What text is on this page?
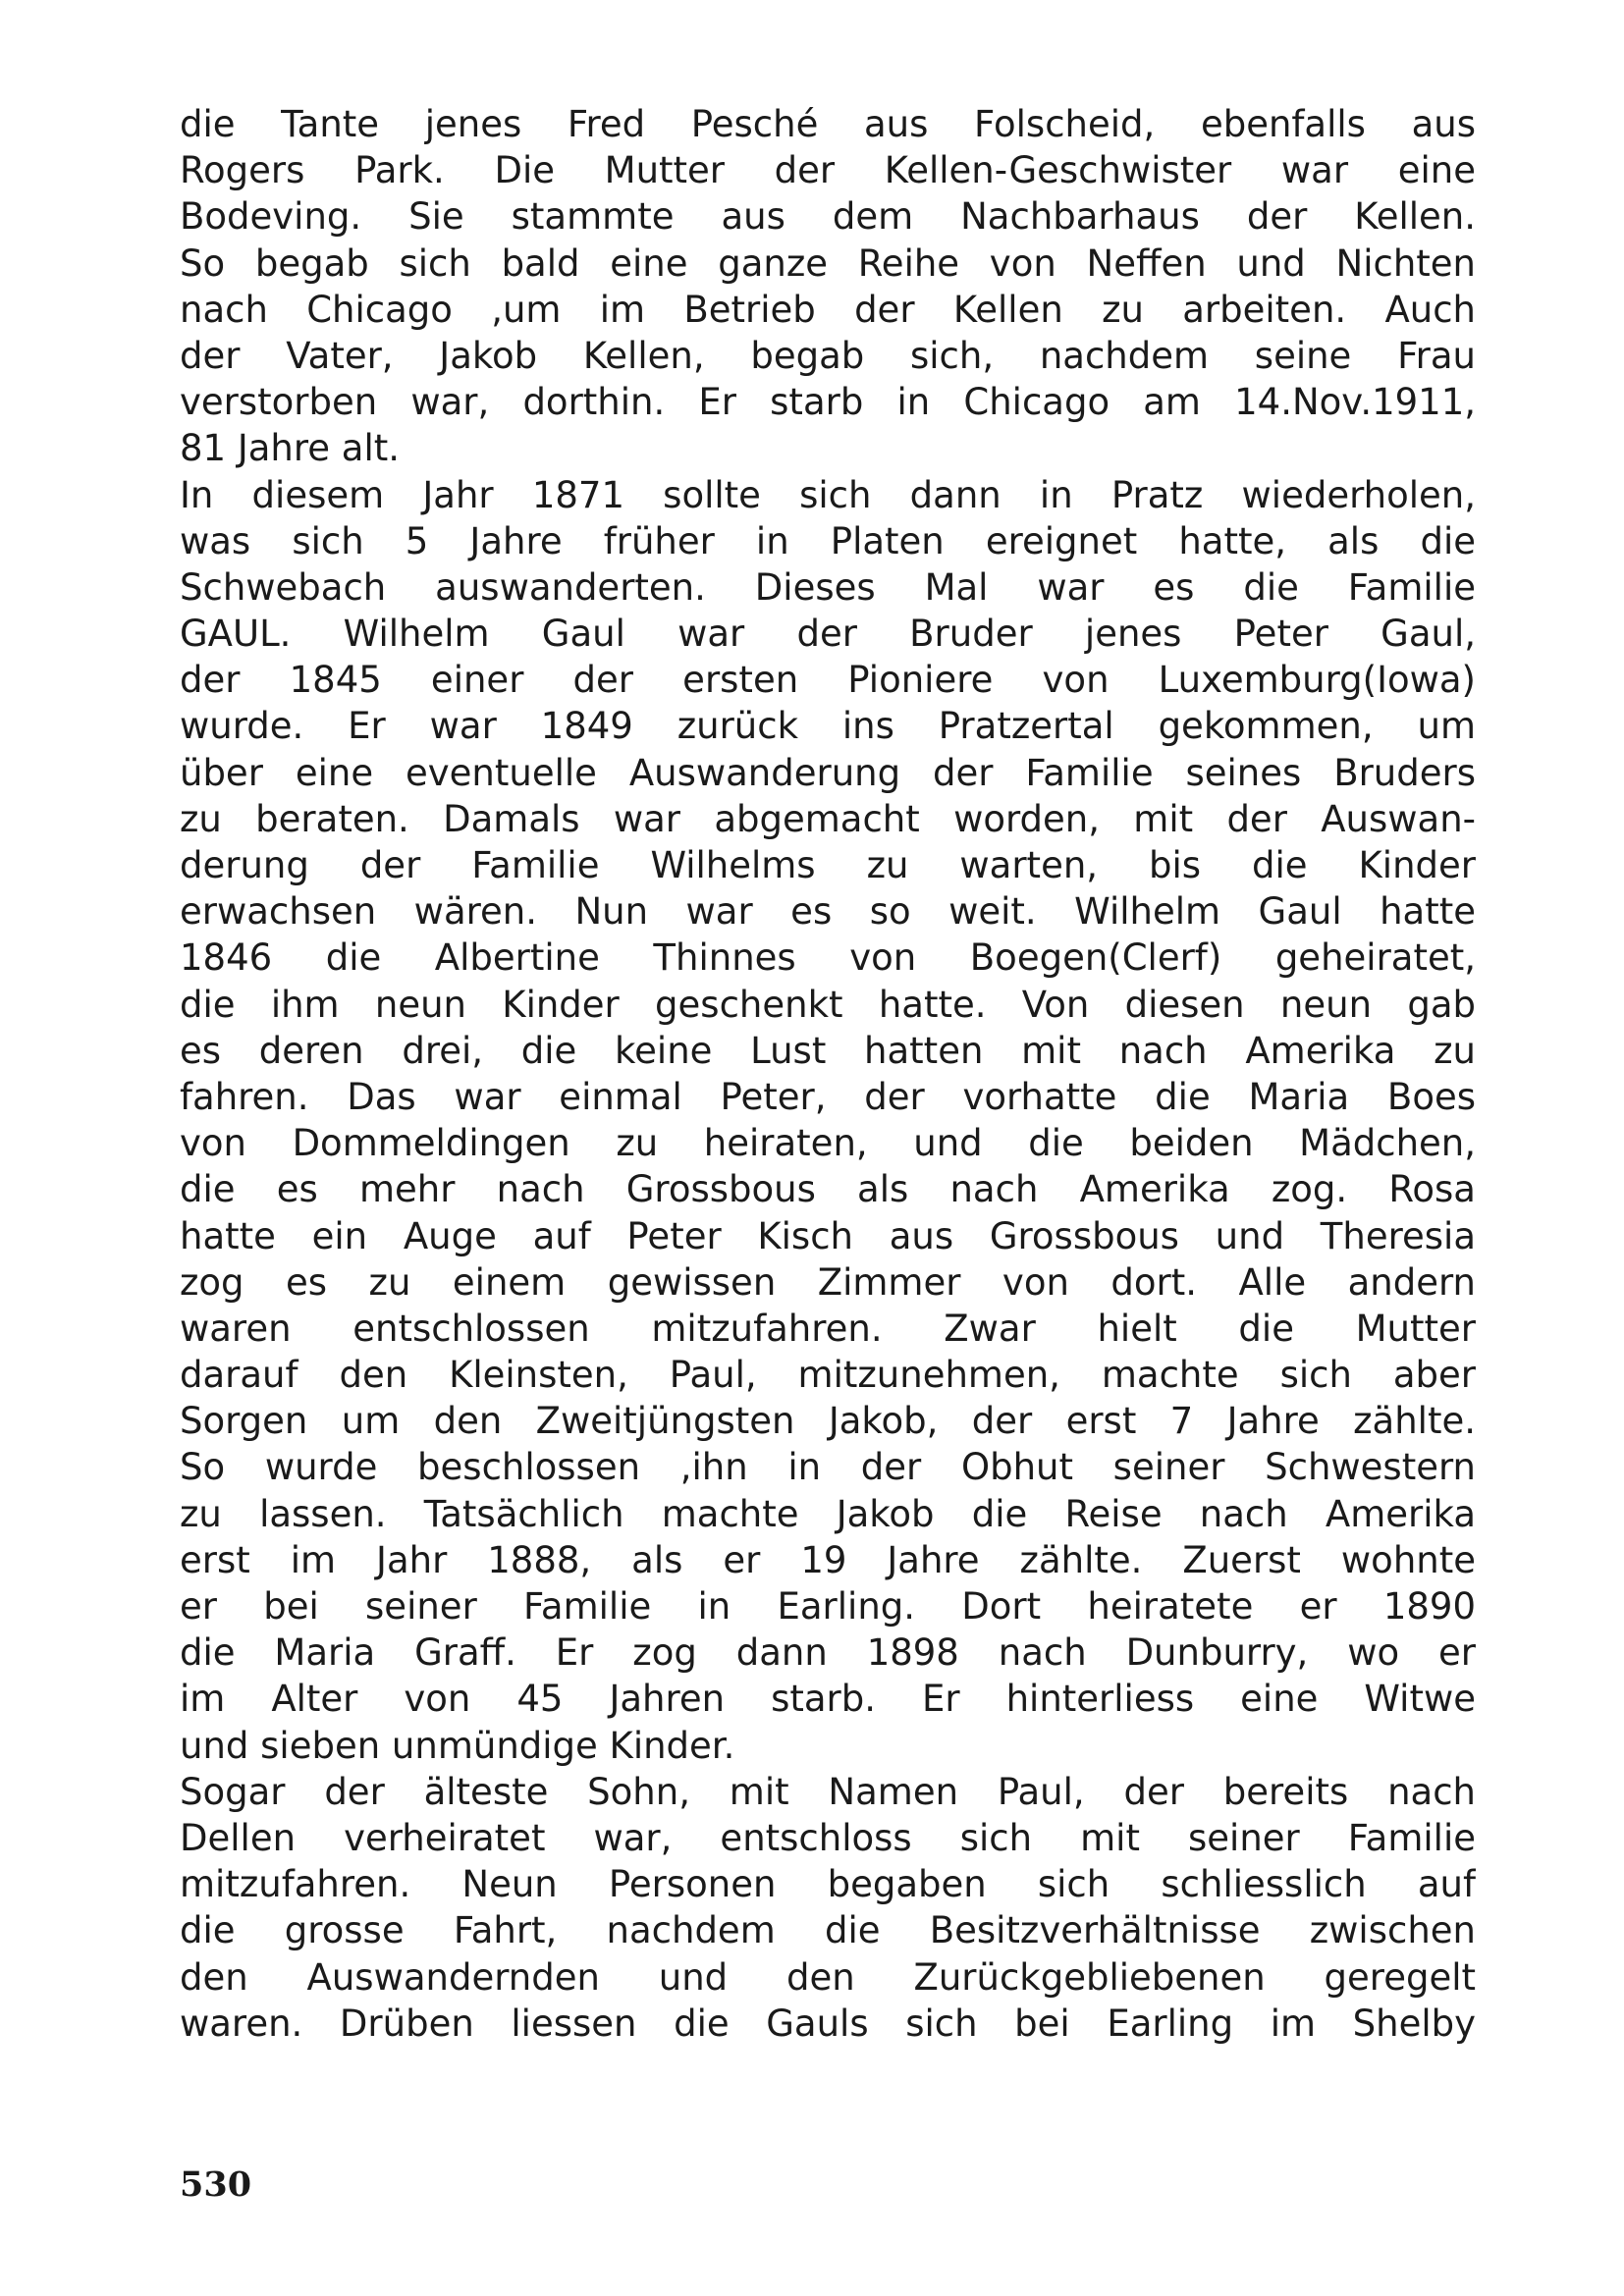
die Tante jenes Fred Pesché aus Folscheid, ebenfalls aus
Rogers Park. Die Mutter der Kellen-Geschwister war eine
Bodeving. Sie stammte aus dem Nachbarhaus der Kellen.
So begab sich bald eine ganze Reihe von Neffen und Nichten
nach Chicago ,um im Betrieb der Kellen zu arbeiten. Auch
der Vater, Jakob Kellen, begab sich, nachdem seine Frau
verstorben war, dorthin. Er starb in Chicago am 14.Nov.1911,
81 Jahre alt.
In diesem Jahr 1871 sollte sich dann in Pratz wiederholen,
was sich 5 Jahre früher in Platen ereignet hatte, als die
Schwebach auswanderten. Dieses Mal war es die Familie
GAUL. Wilhelm Gaul war der Bruder jenes Peter Gaul,
der 1845 einer der ersten Pioniere von Luxemburg(Iowa)
wurde. Er war 1849 zurück ins Pratzertal gekommen, um
über eine eventuelle Auswanderung der Familie seines Bruders
zu beraten. Damals war abgemacht worden, mit der Auswan-
derung der Familie Wilhelms zu warten, bis die Kinder
erwachsen wären. Nun war es so weit. Wilhelm Gaul hatte
1846 die Albertine Thinnes von Boegen(Clerf) geheiratet,
die ihm neun Kinder geschenkt hatte. Von diesen neun gab
es deren drei, die keine Lust hatten mit nach Amerika zu
fahren. Das war einmal Peter, der vorhatte die Maria Boes
von Dommeldingen zu heiraten, und die beiden Mädchen,
die es mehr nach Grossbous als nach Amerika zog. Rosa
hatte ein Auge auf Peter Kisch aus Grossbous und Theresia
zog es zu einem gewissen Zimmer von dort. Alle andern
waren entschlossen mitzufahren. Zwar hielt die Mutter
darauf den Kleinsten, Paul, mitzunehmen, machte sich aber
Sorgen um den Zweitjüngsten Jakob, der erst 7 Jahre zählte.
So wurde beschlossen ,ihn in der Obhut seiner Schwestern
zu lassen. Tatsächlich machte Jakob die Reise nach Amerika
erst im Jahr 1888, als er 19 Jahre zählte. Zuerst wohnte
er bei seiner Familie in Earling. Dort heiratete er 1890
die Maria Graff. Er zog dann 1898 nach Dunburry, wo er
im Alter von 45 Jahren starb. Er hinterliess eine Witwe
und sieben unmündige Kinder.
Sogar der älteste Sohn, mit Namen Paul, der bereits nach
Dellen verheiratet war, entschloss sich mit seiner Familie
mitzufahren. Neun Personen begaben sich schliesslich auf
die grosse Fahrt, nachdem die Besitzverhältnisse zwischen
den Auswandernden und den Zurückgebliebenen geregelt
waren. Drüben liessen die Gauls sich bei Earling im Shelby
530
